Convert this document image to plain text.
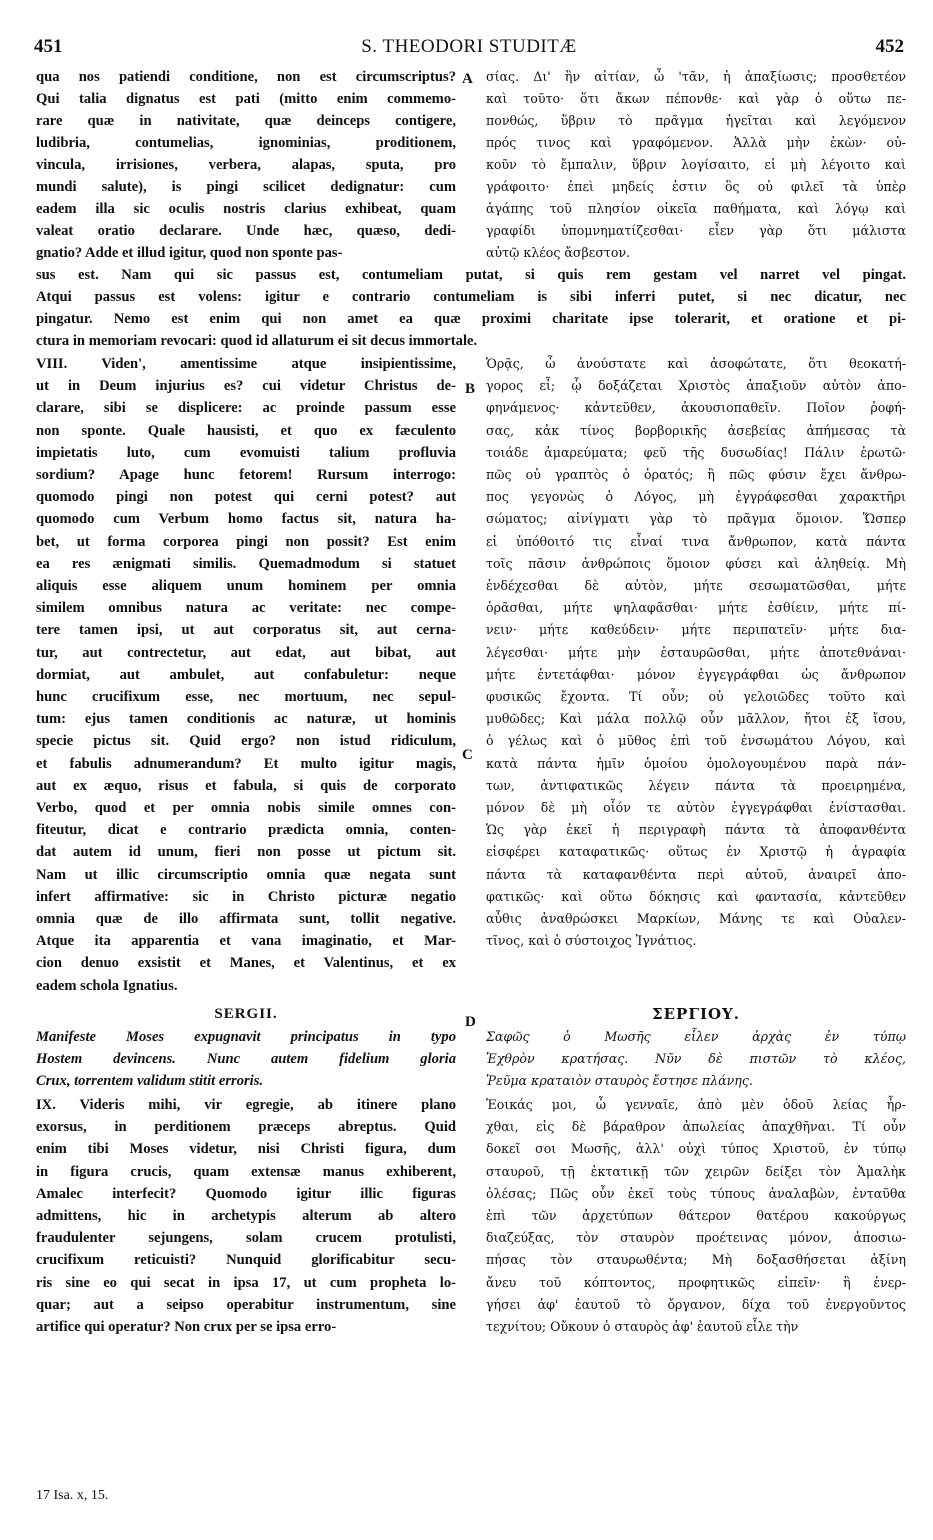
451	S. THEODORI STUDITÆ	452
qua nos patiendi conditione, non est circumscriptus?
Qui talia dignatus est pati (mitto enim commemo-
rare quæ in nativitate, quæ deinceps contigere,
ludibria, contumelias, ignominias, proditionem,
vincula, irrisiones, verbera, alapas, sputa, pro
mundi salute), is pingi scilicet dedignatur: cum
eadem illa sic oculis nostris clarius exhibeat, quam
valeat oratio declarare. Unde hæc, quæso, dedi-
gnatio? Adde et illud igitur, quod non sponte pas-
σίας. Δι' ἣν αἰτίαν, ὦ 'τᾶν, ἡ ἀπαξίωσις; προσθετέον
καὶ τοῦτο· ὅτι ἄκων πέπονθε· καὶ γὰρ ὁ οὕτω πε-
πονθώς, ὕβριν τὸ πρᾶγμα ἡγεῖται καὶ λεγόμενον
πρός τινος καὶ γραφόμενον. Ἀλλὰ μὴν ἑκὼν· οὐ-
κοῦν τὸ ἔμπαλιν, ὕβριν λογίσαιτο, εἰ μὴ λέγοιτο καὶ
γράφοιτο· ἐπεὶ μηδείς ἐστιν ὃς οὐ φιλεῖ τὰ ὑπὲρ
ἀγάπης τοῦ πλησίον οἰκεῖα παθήματα, καὶ λόγῳ καὶ
γραφίδι ὑπομνηματίζεσθαι· εἶεν γὰρ ὅτι μάλιστα
αὐτῷ κλέος ἄσβεστον.
sus est. Nam qui sic passus est, contumeliam putat, si quis rem gestam vel narret vel pingat.
Atqui passus est volens: igitur e contrario contumeliam is sibi inferri putet, si nec dicatur, nec
pingatur. Nemo est enim qui non amet ea quæ proximi charitate ipse tolerarit, et oratione et pi-
ctura in memoriam revocari: quod id allaturum ei sit decus immortale.
VIII. Viden', amentissime atque insipientissime,
ut in Deum injurius es? cui videtur Christus de-
clarare, sibi se displicere: ac proinde passum esse
non sponte. Quale hausisti, et quo ex fæculento
impietatis luto, cum evomuisti talium profluvia
sordium? Apage hunc fetorem! Rursum interrogo:
quomodo pingi non potest qui cerni potest? aut
quomodo cum Verbum homo factus sit, natura ha-
bet, ut forma corporea pingi non possit? Est enim
ea res ænigmati similis. Quemadmodum si statuet
aliquis esse aliquem unum hominem per omnia
similem omnibus natura ac veritate: nec compe-
tere tamen ipsi, ut aut corporatus sit, aut cerna-
tur, aut contrectetur, aut edat, aut bibat, aut
dormiat, aut ambulet, aut confabuletur: neque
hunc crucifixum esse, nec mortuum, nec sepul-
tum: ejus tamen conditionis ac naturæ, ut hominis
specie pictus sit. Quid ergo? non istud ridiculum,
et fabulis adnumerandum? Et multo igitur magis,
aut ex æquo, risus et fabula, si quis de corporato
Verbo, quod et per omnia nobis simile omnes con-
fiteutur, dicat e contrario prædicta omnia, conten-
dat autem id unum, fieri non posse ut pictum sit.
Nam ut illic circumscriptio omnia quæ negata sunt
infert affirmative: sic in Christo picturæ negatio
omnia quæ de illo affirmata sunt, tollit negative.
Atque ita apparentia et vana imaginatio, et Mar-
cion denuo exsistit et Manes, et Valentinus, et ex
eadem schola Ignatius.
Ὁρᾷς, ὦ ἀνούστατε καὶ ἀσοφώτατε, ὅτι θεοκατή-
γορος εἶ; ᾧ δοξάζεται Χριστὸς ἀπαξιοῦν αὐτὸν ἀπο-
φηνάμενος· κἀντεῦθεν, ἀκουσιοπαθεῖν. Ποῖον ῥοφή-
σας, κἀκ τίνος βορβορικῆς ἀσεβείας ἀπήμεσας τὰ
τοιάδε ἀμαρεύματα; φεῦ τῆς δυσωδίας! Πάλιν ἐρωτῶ·
πῶς οὐ γραπτὸς ὁ ὁρατός; ἢ πῶς φύσιν ἔχει ἄνθρω-
πος γεγονὼς ὁ Λόγος, μὴ ἐγγράφεσθαι χαρακτῆρι
σώματος; αἰνίγματι γὰρ τὸ πρᾶγμα ὅμοιον. Ὥσπερ
εἰ ὑπόθοιτό τις εἶναί τινα ἄνθρωπον, κατὰ πάντα
τοῖς πᾶσιν ἀνθρώποις ὅμοιον φύσει καὶ ἀληθείᾳ. Μὴ
ἐνδέχεσθαι δὲ αὐτὸν, μήτε σεσωματῶσθαι, μήτε
ὁρᾶσθαι, μήτε ψηλαφᾶσθαι· μήτε ἐσθίειν, μήτε πί-
νειν· μήτε καθεύδειν· μήτε περιπατεῖν· μήτε δια-
λέγεσθαι· μήτε μὴν ἐσταυρῶσθαι, μήτε ἀποτεθνάναι·
μήτε ἐντετάφθαι· μόνον ἐγγεγράφθαι ὡς ἄνθρωπον
φυσικῶς ἔχοντα. Τί οὖν; οὐ γελοιῶδες τοῦτο καὶ
μυθῶδες; Καὶ μάλα πολλῷ οὖν μᾶλλον, ἤτοι ἐξ ἴσου,
ὁ γέλως καὶ ὁ μῦθος ἐπὶ τοῦ ἐνσωμάτου Λόγου, καὶ
κατὰ πάντα ἡμῖν ὁμοίου ὁμολογουμένου παρὰ πάν-
των, ἀντιφατικῶς λέγειν πάντα τὰ προειρημένα,
μόνον δὲ μὴ οἷόν τε αὐτὸν ἐγγεγράφθαι ἐνίστασθαι.
Ὡς γὰρ ἐκεῖ ἡ περιγραφὴ πάντα τὰ ἀποφανθέντα
εἰσφέρει καταφατικῶς· οὕτως ἐν Χριστῷ ἡ ἀγραφία
πάντα τὰ καταφανθέντα περὶ αὐτοῦ, ἀναιρεῖ ἀπο-
φατικῶς· καὶ οὕτω δόκησις καὶ φαντασία, κἀντεῦθεν
αὖθις ἀναθρώσκει Μαρκίων, Μάνης τε καὶ Οὐαλεν-
τῖνος, καὶ ὁ σύστοιχος Ἰγνάτιος.
SERGII.	ΣΕΡΓΙΟΥ.
Manifeste Moses expugnavit principatus in typo
Hostem devincens. Nunc autem fidelium gloria
Crux, torrentem validum stitit erroris.
Σαφῶς ὁ Μωσῆς εἷλεν ἀρχὰς ἐν τύπῳ
Ἐχθρὸν κρατήσας. Νῦν δὲ πιστῶν τὸ κλέος,
Ῥεῦμα κραταιὸν σταυρὸς ἔστησε πλάνης.
IX. Videris mihi, vir egregie, ab itinere plano
exorsus, in perditionem præceps abreptus. Quid
enim tibi Moses videtur, nisi Christi figura, dum
in figura crucis, quam extensæ manus exhiberent,
Amalec interfecit? Quomodo igitur illic figuras
admittens, hic in archetypis alterum ab altero
fraudulenter sejungens, solam crucem protulisti,
crucifixum reticuisti? Nunquid glorificabitur secu-
ris sine eo qui secat in ipsa 17, ut cum propheta lo-
quar; aut a seipso operabitur instrumentum, sine
artifice qui operatur? Non crux per se ipsa erro-
Ἐοικάς μοι, ὦ γενναῖε, ἀπὸ μὲν ὁδοῦ λείας ἦρ-
χθαι, εἰς δὲ βάραθρον ἀπωλείας ἀπαχθῆναι. Τί οὖν
δοκεῖ σοι Μωσῆς, ἀλλ' οὐχὶ τύπος Χριστοῦ, ἐν τύπῳ
σταυροῦ, τῇ ἐκτατικῇ τῶν χειρῶν δείξει τὸν Ἀμαλὴκ
ὀλέσας; Πῶς οὖν ἐκεῖ τοὺς τύπους ἀναλαβὼν, ἐνταῦθα
ἐπὶ τῶν ἀρχετύπων θάτερον θατέρου κακούργως
διαζεύξας, τὸν σταυρὸν προέτεινας μόνον, ἀποσιω-
πήσας τὸν σταυρωθέντα; Μὴ δοξασθήσεται ἀξίνη
ἄνευ τοῦ κόπτοντος, προφητικῶς εἰπεῖν· ἢ ἐνερ-
γήσει ἀφ' ἑαυτοῦ τὸ ὄργανον, δίχα τοῦ ἐνεργοῦντος
τεχνίτου; Οὔκουν ὁ σταυρὸς ἀφ' ἑαυτοῦ εἷλε τὴν
A
B
C
D
17 Isa. x, 15.
